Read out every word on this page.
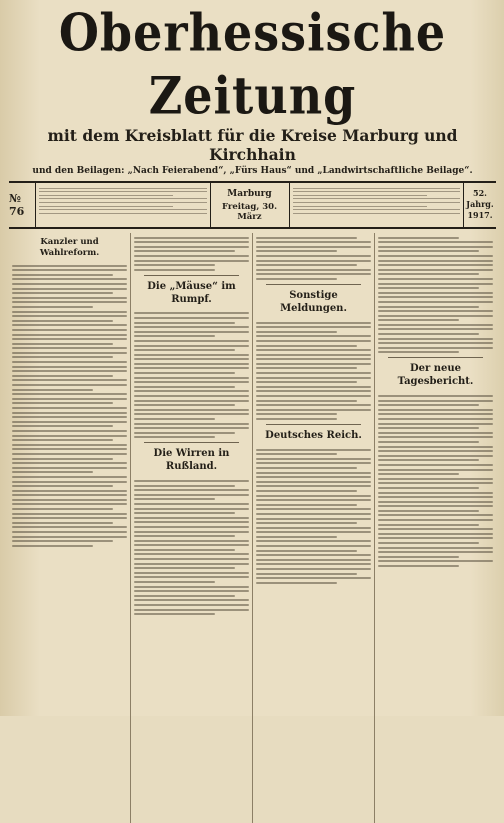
Oberhessische Zeitung
mit dem Kreisblatt für die Kreise Marburg und Kirchhain
und den Beilagen: „Nach Feierabend“, „Fürs Haus“ und „Landwirtschaftliche Beilage“.
№ 76
Marburg
Freitag, 30. März
52. Jahrg.
1917.
Kanzler und Wahlreform.
Die „Mäuse“ im Rumpf.
Die Wirren in Rußland.
Sonstige Meldungen.
Deutsches Reich.
Der neue Tagesbericht.
